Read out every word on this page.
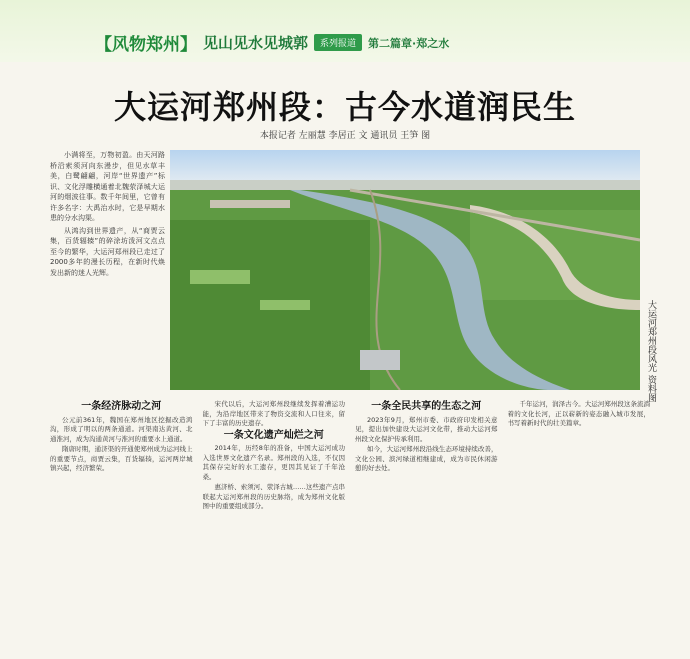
【风物郑州】 见山见水见城郭	系列报道	第二篇章·郑之水
大运河郑州段：古今水道润民生
本报记者 左丽慧 李居正 文 通讯员 王笋 图

小满将至，万物初盈。由天河路桥沿索须河向东漫步，但见水草丰美，白鹭翩翩，河岸“世界遗产”标识、文化浮雕横通着北魏荥泽城大运河的烟波往事。数千年间里，它曾有许多名字：大禹治水时，它是早期水患的分水沟渠。

从鸿沟到世界遗产，从“商贾云集，百货辐辏”的碎涂坊泼河文点点至今的繁华，大运河郑州段已走过了2000多年的漫长历程，在新时代焕发出新的迷人光辉。

大运河郑州段风光 资料图
一条经济脉动之河

公元前361年，魏国在郑州地区挖掘改造鸿沟，形成了明以的两条通道。河渠南达黄河、北通淮河，成为沟通黄河与淮河的重要水上通道。

隋唐时期，通济渠的开通使郑州成为运河线上的重要节点，商贾云集，百货辐辏，运河两岸城镇兴起，经济繁荣。

宋代以后，大运河郑州段继续发挥着漕运功能，为沿岸地区带来了物资交流和人口往来，留下了丰富的历史遗存。

一条文化遗产灿烂之河

2014年，历经8年的准备，中国大运河成功入选世界文化遗产名录。郑州段的入选，不仅因其保存完好的水工遗存，更因其见证了千年沧桑。

惠济桥、索须河、荥泽古城……这些遗产点串联起大运河郑州段的历史脉络，成为郑州文化版图中的重要组成部分。

一条全民共享的生态之河

2023年9月，郑州市委、市政府印发相关意见，提出加快建设大运河文化带，推动大运河郑州段文化保护传承利用。

如今，大运河郑州段沿线生态环境持续改善，文化公园、滨河绿道相继建成，成为市民休闲游憩的好去处。

千年运河，润泽古今。大运河郑州段这条流淌着的文化长河，正以崭新的姿态融入城市发展，书写着新时代的壮美篇章。
